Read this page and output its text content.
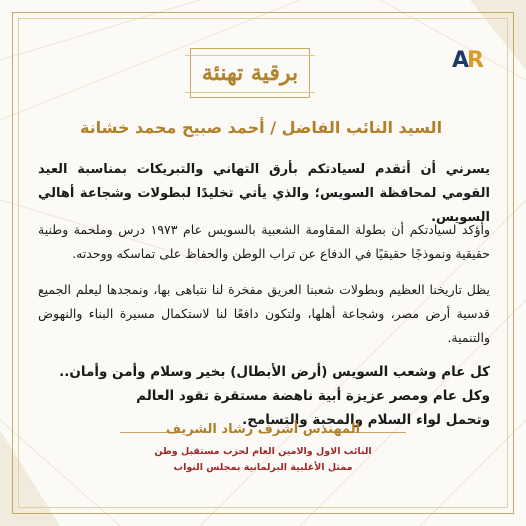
AR
برقية تهنئة
السيد النائب الفاضل / أحمد صبيح محمد خشانة
يسرني أن أتقدم لسيادتكم بأرق التهاني والتبريكات بمناسبة العيد القومي لمحافظة السويس؛ والذي يأتي تخليدًا لبطولات وشجاعة أهالي السويس.
وأؤكد لسيادتكم أن بطولة المقاومة الشعبية بالسويس عام ١٩٧٣ درس وملحمة وطنية حقيقية ونموذجًا حقيقيًا في الدفاع عن تراب الوطن والحفاظ على تماسكه ووحدته.
يظل تاريخنا العظيم وبطولات شعبنا العريق مفخرة لنا نتباهى بها، ونمجدها ليعلم الجميع قدسية أرض مصر، وشجاعة أهلها، ولتكون دافعًا لنا لاستكمال مسيرة البناء والنهوض والتنمية.
كل عام وشعب السويس (أرض الأبطال) بخير وسلام وأمن وأمان..
وكل عام ومصر عزيزة أبية ناهضة مستقرة تقود العالم
وتحمل لواء السلام والمحبة والتسامح.
المهندس أشرف رشاد الشريف
النائب الاول والامين العام لحزب مستقبل وطن
ممثل الأغلبية البرلمانية بمجلس النواب
